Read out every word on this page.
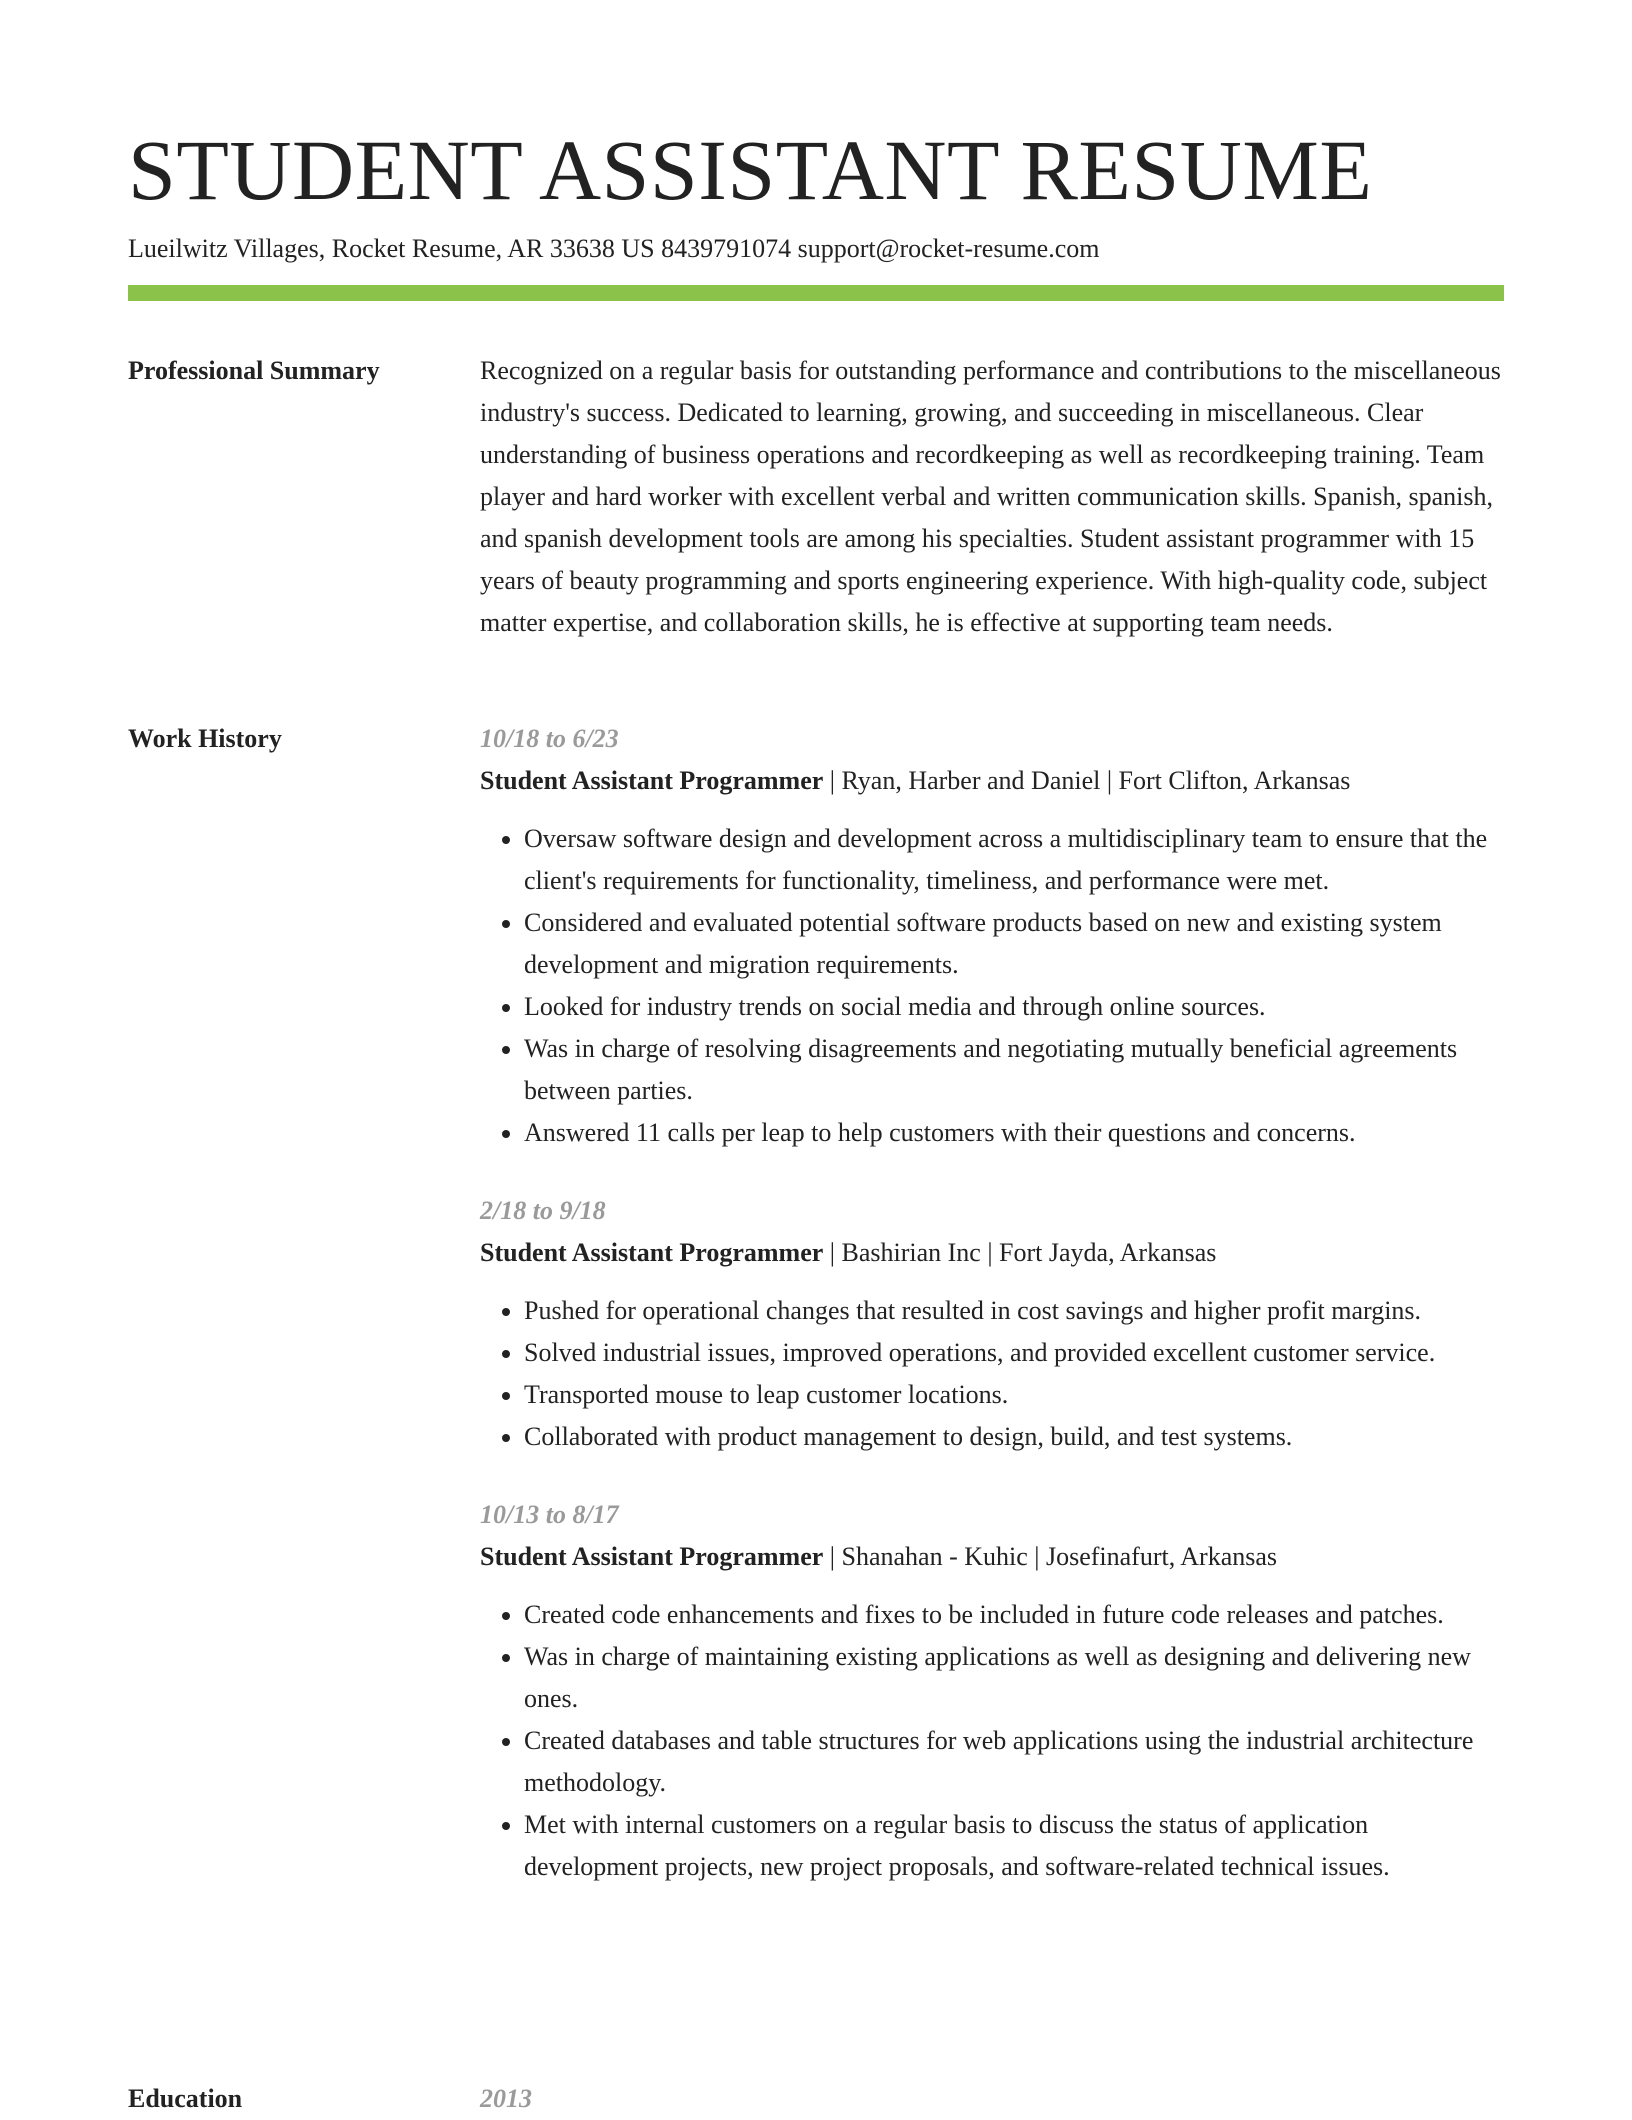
STUDENT ASSISTANT RESUME
Lueilwitz Villages, Rocket Resume, AR 33638 US 8439791074 support@rocket-resume.com
Professional Summary	Recognized on a regular basis for outstanding performance and contributions to the miscellaneous industry's success. Dedicated to learning, growing, and succeeding in miscellaneous. Clear understanding of business operations and recordkeeping as well as recordkeeping training. Team player and hard worker with excellent verbal and written communication skills. Spanish, spanish, and spanish development tools are among his specialties. Student assistant programmer with 15 years of beauty programming and sports engineering experience. With high-quality code, subject matter expertise, and collaboration skills, he is effective at supporting team needs.

Work History	10/18 to 6/23
Student Assistant Programmer | Ryan, Harber and Daniel | Fort Clifton, Arkansas
• Oversaw software design and development across a multidisciplinary team to ensure that the client's requirements for functionality, timeliness, and performance were met.
• Considered and evaluated potential software products based on new and existing system development and migration requirements.
• Looked for industry trends on social media and through online sources.
• Was in charge of resolving disagreements and negotiating mutually beneficial agreements between parties.
• Answered 11 calls per leap to help customers with their questions and concerns.
2/18 to 9/18
Student Assistant Programmer | Bashirian Inc | Fort Jayda, Arkansas
• Pushed for operational changes that resulted in cost savings and higher profit margins.
• Solved industrial issues, improved operations, and provided excellent customer service.
• Transported mouse to leap customer locations.
• Collaborated with product management to design, build, and test systems.
10/13 to 8/17
Student Assistant Programmer | Shanahan - Kuhic | Josefinafurt, Arkansas
• Created code enhancements and fixes to be included in future code releases and patches.
• Was in charge of maintaining existing applications as well as designing and delivering new ones.
• Created databases and table structures for web applications using the industrial architecture methodology.
• Met with internal customers on a regular basis to discuss the status of application development projects, new project proposals, and software-related technical issues.
Education	2013
